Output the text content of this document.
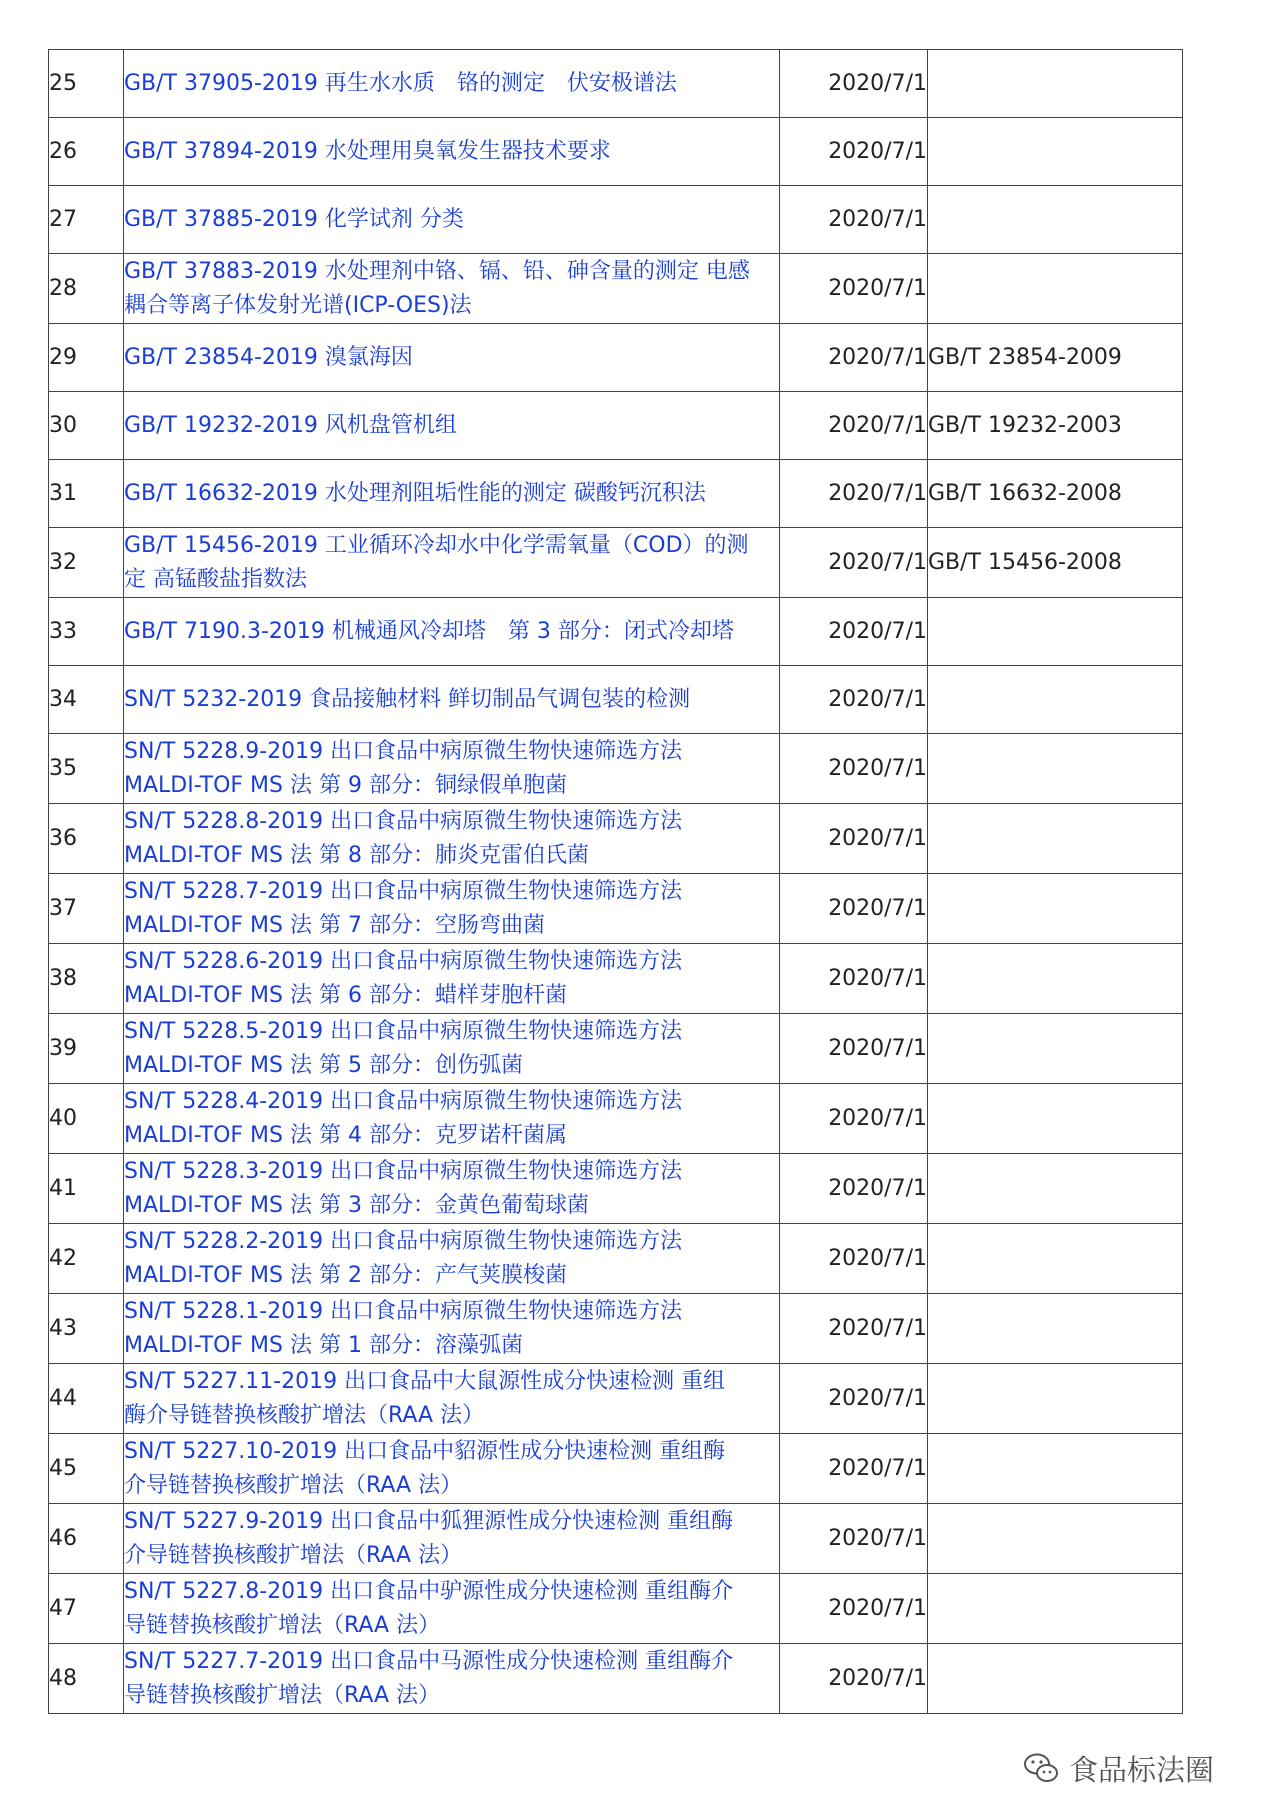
25	GB/T 37905-2019 再生水水质　铬的测定　伏安极谱法	2020/7/1	
26	GB/T 37894-2019 水处理用臭氧发生器技术要求	2020/7/1	
27	GB/T 37885-2019 化学试剂 分类	2020/7/1	
28	GB/T 37883-2019 水处理剂中铬、镉、铅、砷含量的测定 电感
耦合等离子体发射光谱(ICP-OES)法	2020/7/1	
29	GB/T 23854-2019 溴氯海因	2020/7/1	GB/T 23854-2009
30	GB/T 19232-2019 风机盘管机组	2020/7/1	GB/T 19232-2003
31	GB/T 16632-2019 水处理剂阻垢性能的测定 碳酸钙沉积法	2020/7/1	GB/T 16632-2008
32	GB/T 15456-2019 工业循环冷却水中化学需氧量（COD）的测
定 高锰酸盐指数法	2020/7/1	GB/T 15456-2008
33	GB/T 7190.3-2019 机械通风冷却塔　第 3 部分：闭式冷却塔	2020/7/1	
34	SN/T 5232-2019 食品接触材料 鲜切制品气调包装的检测	2020/7/1	
35	SN/T 5228.9-2019 出口食品中病原微生物快速筛选方法
MALDI-TOF MS 法 第 9 部分：铜绿假单胞菌	2020/7/1	
36	SN/T 5228.8-2019 出口食品中病原微生物快速筛选方法
MALDI-TOF MS 法 第 8 部分：肺炎克雷伯氏菌	2020/7/1	
37	SN/T 5228.7-2019 出口食品中病原微生物快速筛选方法
MALDI-TOF MS 法 第 7 部分：空肠弯曲菌	2020/7/1	
38	SN/T 5228.6-2019 出口食品中病原微生物快速筛选方法
MALDI-TOF MS 法 第 6 部分：蜡样芽胞杆菌	2020/7/1	
39	SN/T 5228.5-2019 出口食品中病原微生物快速筛选方法
MALDI-TOF MS 法 第 5 部分：创伤弧菌	2020/7/1	
40	SN/T 5228.4-2019 出口食品中病原微生物快速筛选方法
MALDI-TOF MS 法 第 4 部分：克罗诺杆菌属	2020/7/1	
41	SN/T 5228.3-2019 出口食品中病原微生物快速筛选方法
MALDI-TOF MS 法 第 3 部分：金黄色葡萄球菌	2020/7/1	
42	SN/T 5228.2-2019 出口食品中病原微生物快速筛选方法
MALDI-TOF MS 法 第 2 部分：产气荚膜梭菌	2020/7/1	
43	SN/T 5228.1-2019 出口食品中病原微生物快速筛选方法
MALDI-TOF MS 法 第 1 部分：溶藻弧菌	2020/7/1	
44	SN/T 5227.11-2019 出口食品中大鼠源性成分快速检测 重组
酶介导链替换核酸扩增法（RAA 法）	2020/7/1	
45	SN/T 5227.10-2019 出口食品中貂源性成分快速检测 重组酶
介导链替换核酸扩增法（RAA 法）	2020/7/1	
46	SN/T 5227.9-2019 出口食品中狐狸源性成分快速检测 重组酶
介导链替换核酸扩增法（RAA 法）	2020/7/1	
47	SN/T 5227.8-2019 出口食品中驴源性成分快速检测 重组酶介
导链替换核酸扩增法（RAA 法）	2020/7/1	
48	SN/T 5227.7-2019 出口食品中马源性成分快速检测 重组酶介
导链替换核酸扩增法（RAA 法）	2020/7/1	
食品标法圈
